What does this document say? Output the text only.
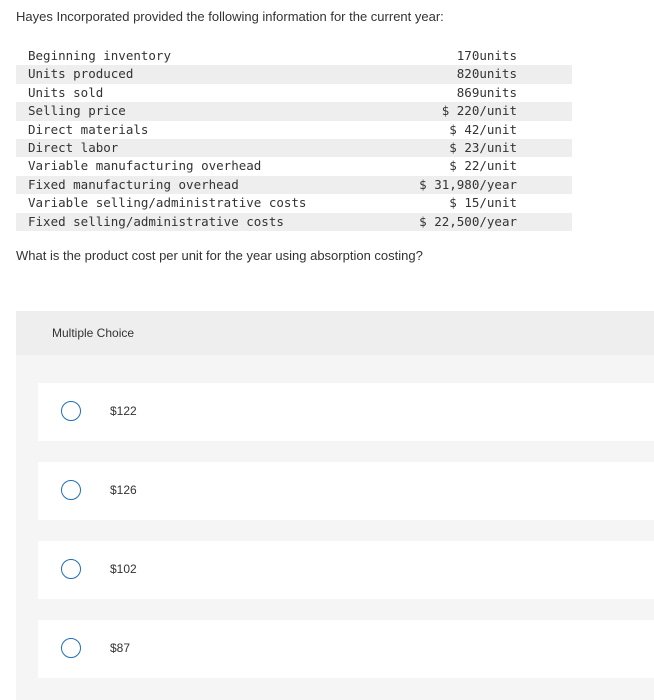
Hayes Incorporated provided the following information for the current year:

Beginning inventory	170units
Units produced	820units
Units sold	869units
Selling price	$ 220/unit
Direct materials	$ 42/unit
Direct labor	$ 23/unit
Variable manufacturing overhead	$ 22/unit
Fixed manufacturing overhead	$ 31,980/year
Variable selling/administrative costs	$ 15/unit
Fixed selling/administrative costs	$ 22,500/year

What is the product cost per unit for the year using absorption costing?

Multiple Choice
$122
$126
$102
$87
